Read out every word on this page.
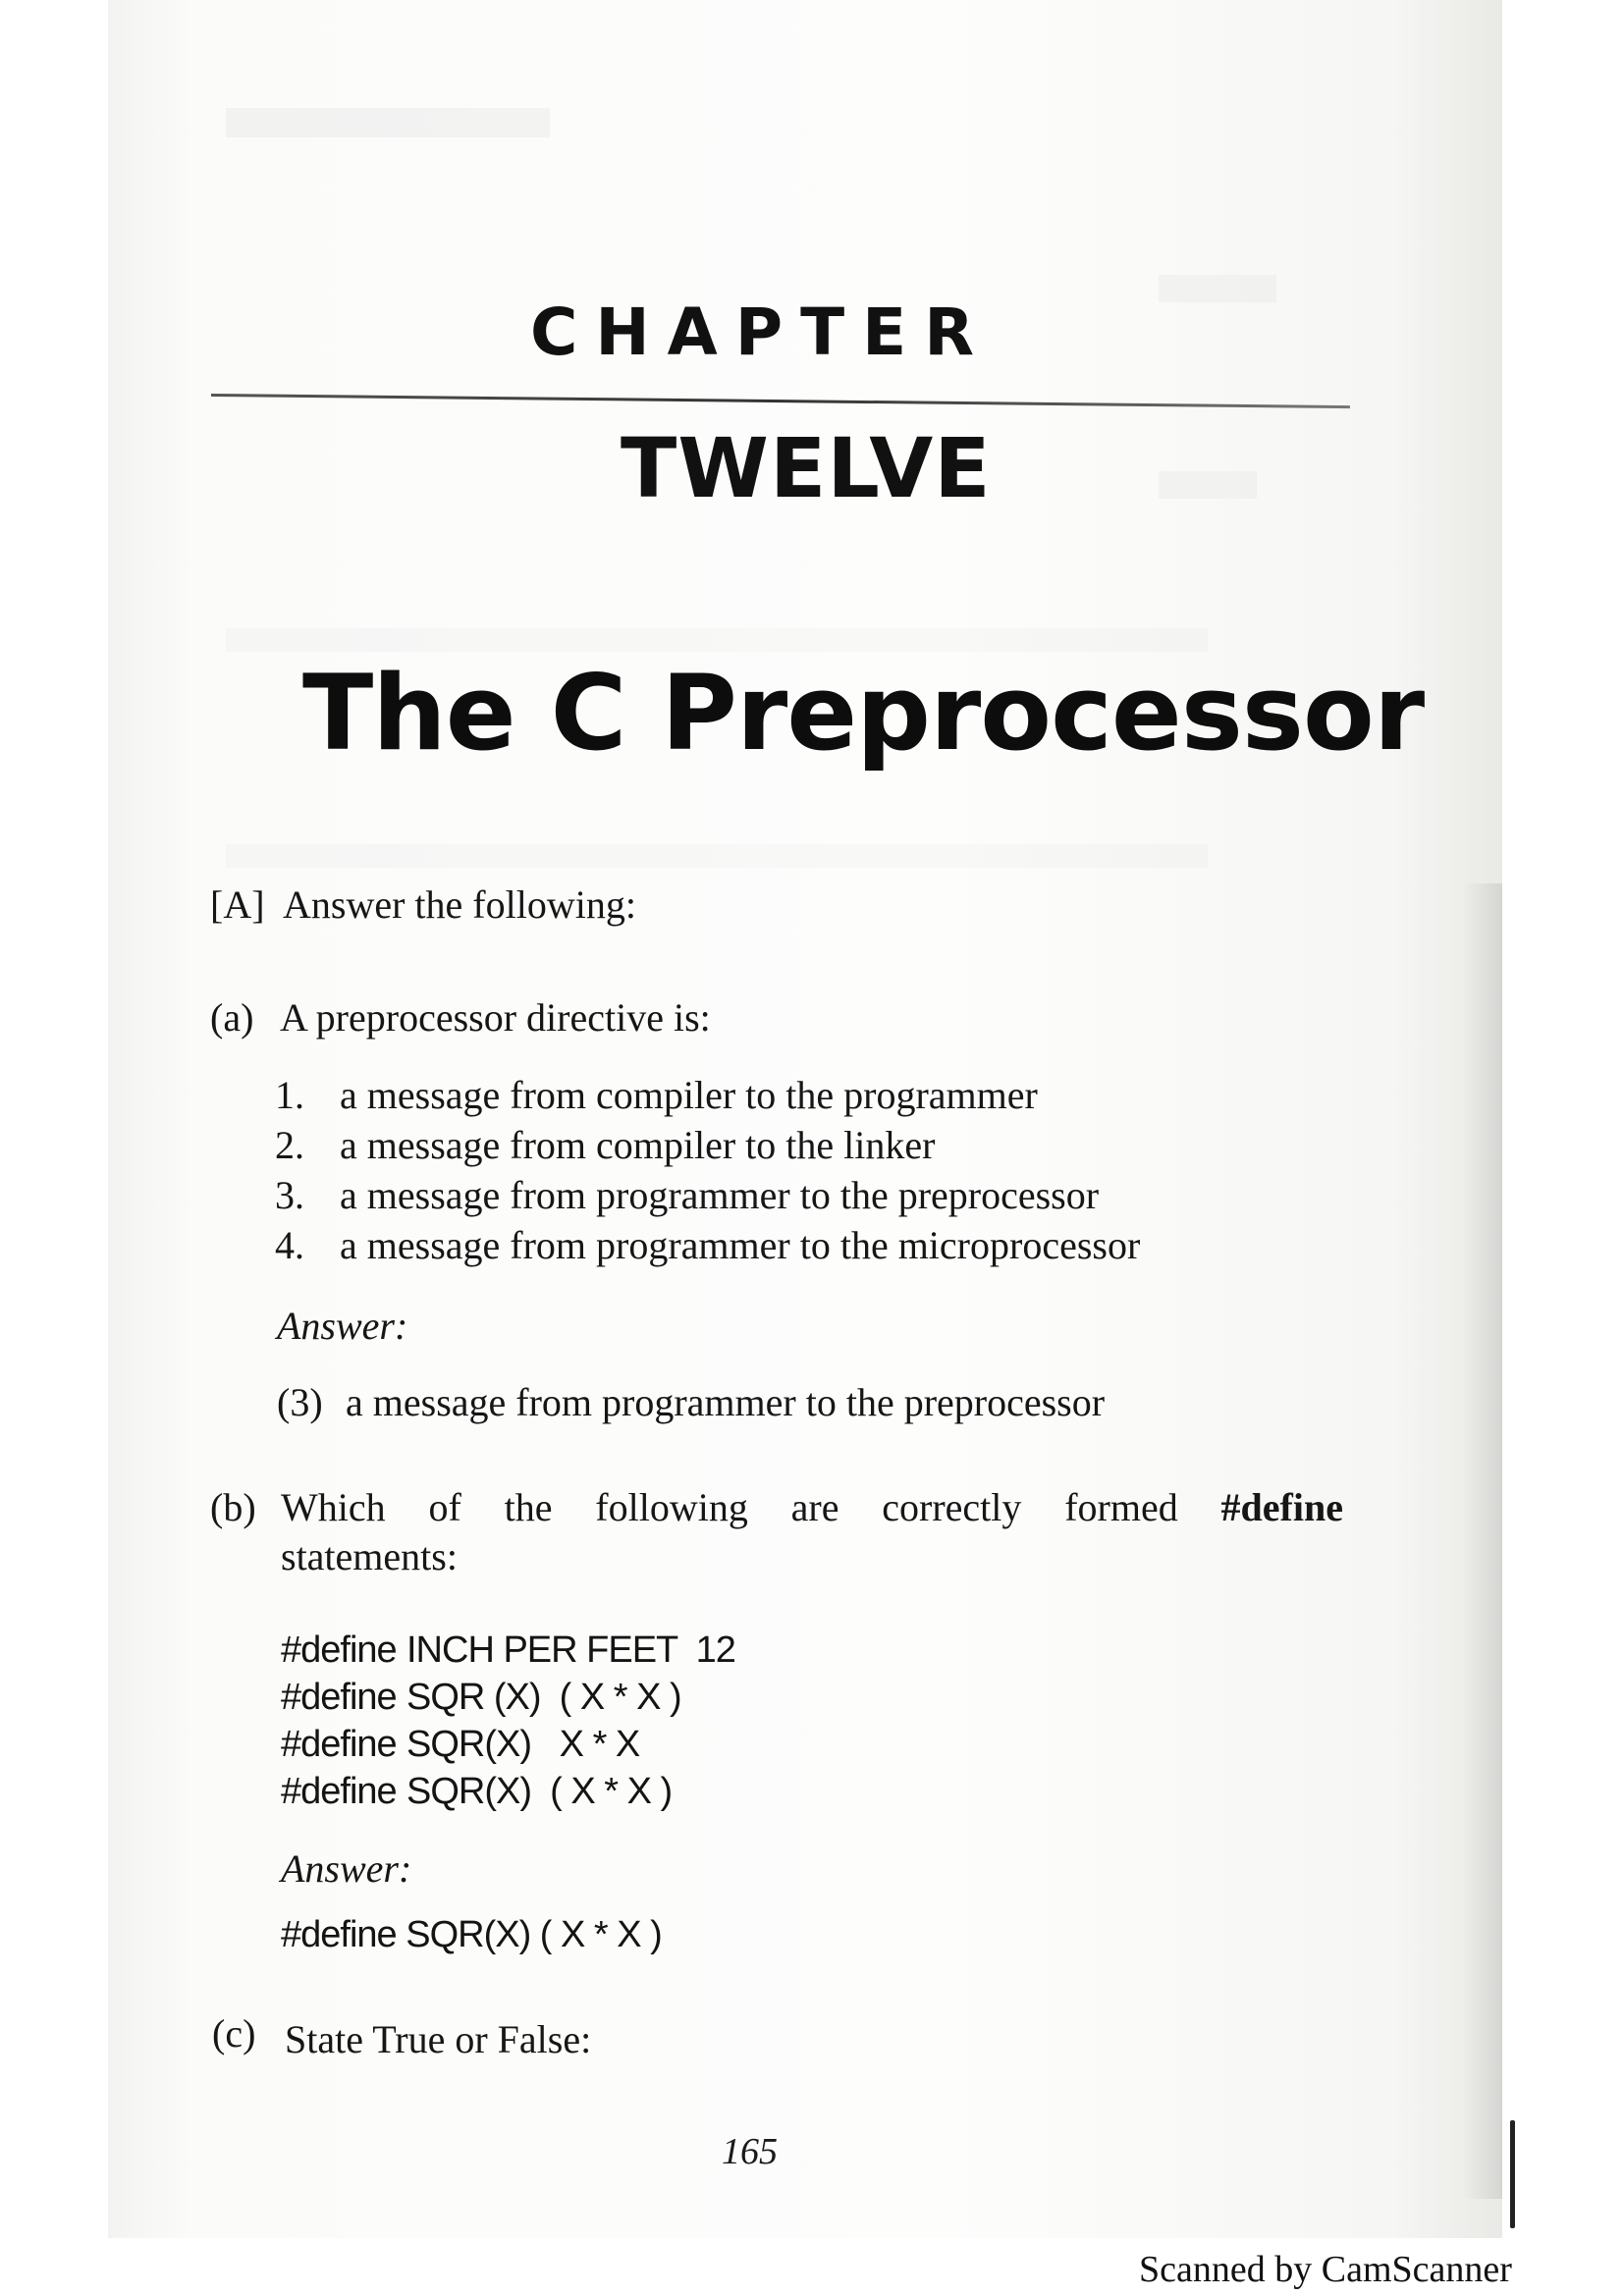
CHAPTER
TWELVE
The C Preprocessor
[A] Answer the following:
(a) A preprocessor directive is:
1. a message from compiler to the programmer
2. a message from compiler to the linker
3. a message from programmer to the preprocessor
4. a message from programmer to the microprocessor
Answer:
(3) a message from programmer to the preprocessor
(b) Which of the following are correctly formed #define
statements:
#define INCH PER FEET  12
#define SQR (X)  ( X * X )
#define SQR(X)   X * X
#define SQR(X)  ( X * X )
Answer:
#define SQR(X) ( X * X )
(c) State True or False:
165
Scanned by CamScanner
